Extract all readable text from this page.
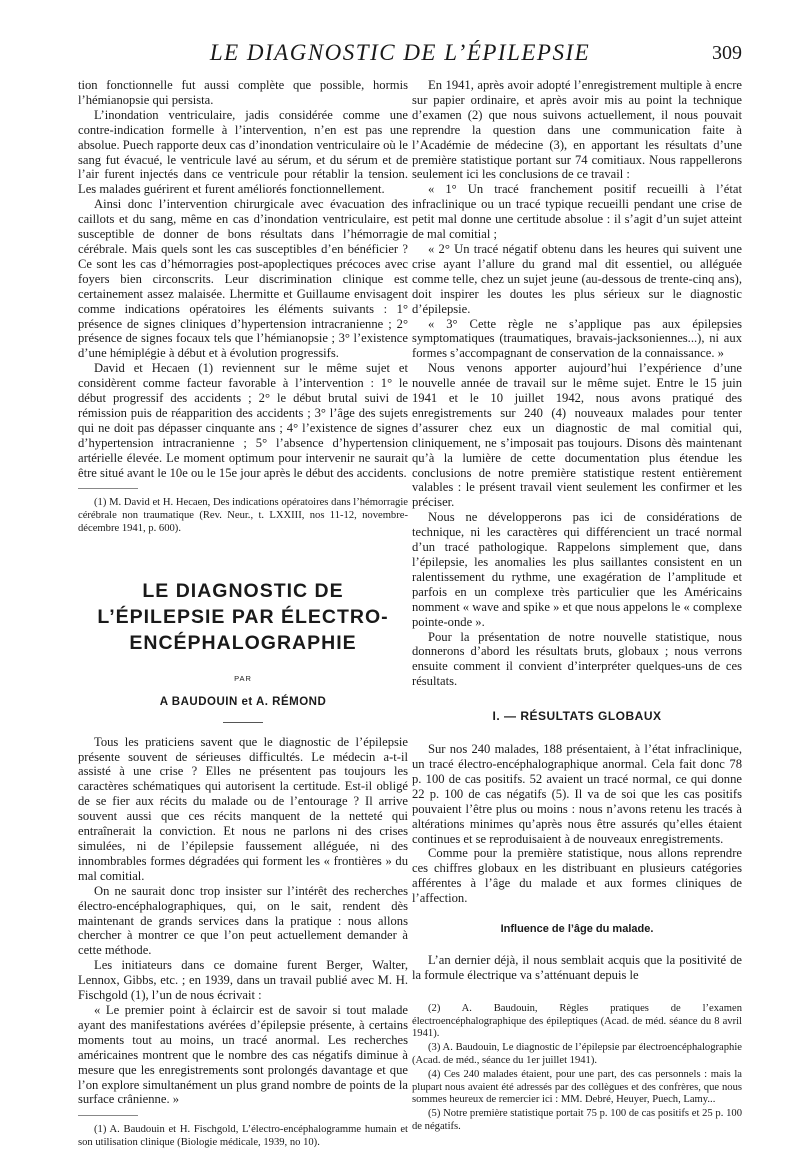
LE DIAGNOSTIC DE L’ÉPILEPSIE	309

tion fonctionnelle fut aussi complète que possible, hormis l’hémianopsie qui persista.

L’inondation ventriculaire, jadis considérée comme une contre-indication formelle à l’intervention, n’en est pas une absolue. Puech rapporte deux cas d’inondation ventriculaire où le sang fut évacué, le ventricule lavé au sérum, et du sérum et de l’air furent injectés dans ce ventricule pour rétablir la tension. Les malades guérirent et furent améliorés fonctionnellement.

Ainsi donc l’intervention chirurgicale avec évacuation des caillots et du sang, même en cas d’inondation ventriculaire, est susceptible de donner de bons résultats dans l’hémorragie cérébrale. Mais quels sont les cas susceptibles d’en bénéficier ? Ce sont les cas d’hémorragies post-apoplectiques précoces avec foyers bien circonscrits. Leur discrimination clinique est certainement assez malaisée. Lhermitte et Guillaume envisagent comme indications opératoires les éléments suivants : 1° présence de signes cliniques d’hypertension intracranienne ; 2° présence de signes focaux tels que l’hémianopsie ; 3° l’existence d’une hémiplégie à début et à évolution progressifs.

David et Hecaen (1) reviennent sur le même sujet et considèrent comme facteur favorable à l’intervention : 1° le début progressif des accidents ; 2° le début brutal suivi de rémission puis de réapparition des accidents ; 3° l’âge des sujets qui ne doit pas dépasser cinquante ans ; 4° l’existence de signes d’hypertension intracranienne ; 5° l’absence d’hypertension artérielle élevée. Le moment optimum pour intervenir ne saurait être situé avant le 10e ou le 15e jour après le début des accidents.

(1) M. David et H. Hecaen, Des indications opératoires dans l’hémorragie cérébrale non traumatique (Rev. Neur., t. LXXIII, nos 11-12, novembre-décembre 1941, p. 600).

LE DIAGNOSTIC DE
L’ÉPILEPSIE PAR ÉLECTRO-
ENCÉPHALOGRAPHIE
PAR
A BAUDOUIN et A. RÉMOND

Tous les praticiens savent que le diagnostic de l’épilepsie présente souvent de sérieuses difficultés. Le médecin a-t-il assisté à une crise ? Elles ne présentent pas toujours les caractères schématiques qui autorisent la certitude. Est-il obligé de se fier aux récits du malade ou de l’entourage ? Il arrive souvent aussi que ces récits manquent de la netteté qui entraînerait la conviction. Et nous ne parlons ni des crises simulées, ni de l’épilepsie faussement alléguée, ni des innombrables formes dégradées qui forment les « frontières » du mal comitial.

On ne saurait donc trop insister sur l’intérêt des recherches électro-encéphalographiques, qui, on le sait, rendent dès maintenant de grands services dans la pratique : nous allons chercher à montrer ce que l’on peut actuellement demander à cette méthode.

Les initiateurs dans ce domaine furent Berger, Walter, Lennox, Gibbs, etc. ; en 1939, dans un travail publié avec M. H. Fischgold (1), l’un de nous écrivait :

« Le premier point à éclaircir est de savoir si tout malade ayant des manifestations avérées d’épilepsie présente, à certains moments tout au moins, un tracé anormal. Les recherches américaines montrent que le nombre des cas négatifs diminue à mesure que les enregistrements sont prolongés davantage et que l’on explore simultanément un plus grand nombre de points de la surface crânienne. »

(1) A. Baudouin et H. Fischgold, L’électro-encéphalogramme humain et son utilisation clinique (Biologie médicale, 1939, no 10).

En 1941, après avoir adopté l’enregistrement multiple à encre sur papier ordinaire, et après avoir mis au point la technique d’examen (2) que nous suivons actuellement, il nous pouvait reprendre la question dans une communication faite à l’Académie de médecine (3), en apportant les résultats d’une première statistique portant sur 74 comitiaux. Nous rappellerons seulement ici les conclusions de ce travail :

« 1° Un tracé franchement positif recueilli à l’état infraclinique ou un tracé typique recueilli pendant une crise de petit mal donne une certitude absolue : il s’agit d’un sujet atteint de mal comitial ;

« 2° Un tracé négatif obtenu dans les heures qui suivent une crise ayant l’allure du grand mal dit essentiel, ou alléguée comme telle, chez un sujet jeune (au-dessous de trente-cinq ans), doit inspirer les doutes les plus sérieux sur le diagnostic d’épilepsie.

« 3° Cette règle ne s’applique pas aux épilepsies symptomatiques (traumatiques, bravais-jacksoniennes...), ni aux formes s’accompagnant de conservation de la connaissance. »

Nous venons apporter aujourd’hui l’expérience d’une nouvelle année de travail sur le même sujet. Entre le 15 juin 1941 et le 10 juillet 1942, nous avons pratiqué des enregistrements sur 240 (4) nouveaux malades pour tenter d’assurer chez eux un diagnostic de mal comitial qui, cliniquement, ne s’imposait pas toujours. Disons dès maintenant qu’à la lumière de cette documentation plus étendue les conclusions de notre première statistique restent entièrement valables : le présent travail vient seulement les confirmer et les préciser.

Nous ne développerons pas ici de considérations de technique, ni les caractères qui différencient un tracé normal d’un tracé pathologique. Rappelons simplement que, dans l’épilepsie, les anomalies les plus saillantes consistent en un ralentissement du rythme, une exagération de l’amplitude et parfois en un complexe très particulier que les Américains nomment « wave and spike » et que nous appelons le « complexe pointe-onde ».

Pour la présentation de notre nouvelle statistique, nous donnerons d’abord les résultats bruts, globaux ; nous verrons ensuite comment il convient d’interpréter quelques-uns de ces résultats.

I. — RÉSULTATS GLOBAUX

Sur nos 240 malades, 188 présentaient, à l’état infraclinique, un tracé électro-encéphalographique anormal. Cela fait donc 78 p. 100 de cas positifs. 52 avaient un tracé normal, ce qui donne 22 p. 100 de cas négatifs (5). Il va de soi que les cas positifs pouvaient l’être plus ou moins : nous n’avons retenu les tracés à altérations minimes qu’après nous être assurés qu’elles étaient continues et se reproduisaient à de nouveaux enregistrements.

Comme pour la première statistique, nous allons reprendre ces chiffres globaux en les distribuant en plusieurs catégories afférentes à l’âge du malade et aux formes cliniques de l’affection.

Influence de l’âge du malade.

L’an dernier déjà, il nous semblait acquis que la positivité de la formule électrique va s’atténuant depuis le

(2) A. Baudouin, Règles pratiques de l’examen électroencéphalographique des épileptiques (Acad. de méd. séance du 8 avril 1941).

(3) A. Baudouin, Le diagnostic de l’épilepsie par électroencéphalographie (Acad. de méd., séance du 1er juillet 1941).

(4) Ces 240 malades étaient, pour une part, des cas personnels : mais la plupart nous avaient été adressés par des collègues et des confrères, que nous sommes heureux de remercier ici : MM. Debré, Heuyer, Puech, Lamy...

(5) Notre première statistique portait 75 p. 100 de cas positifs et 25 p. 100 de négatifs.
